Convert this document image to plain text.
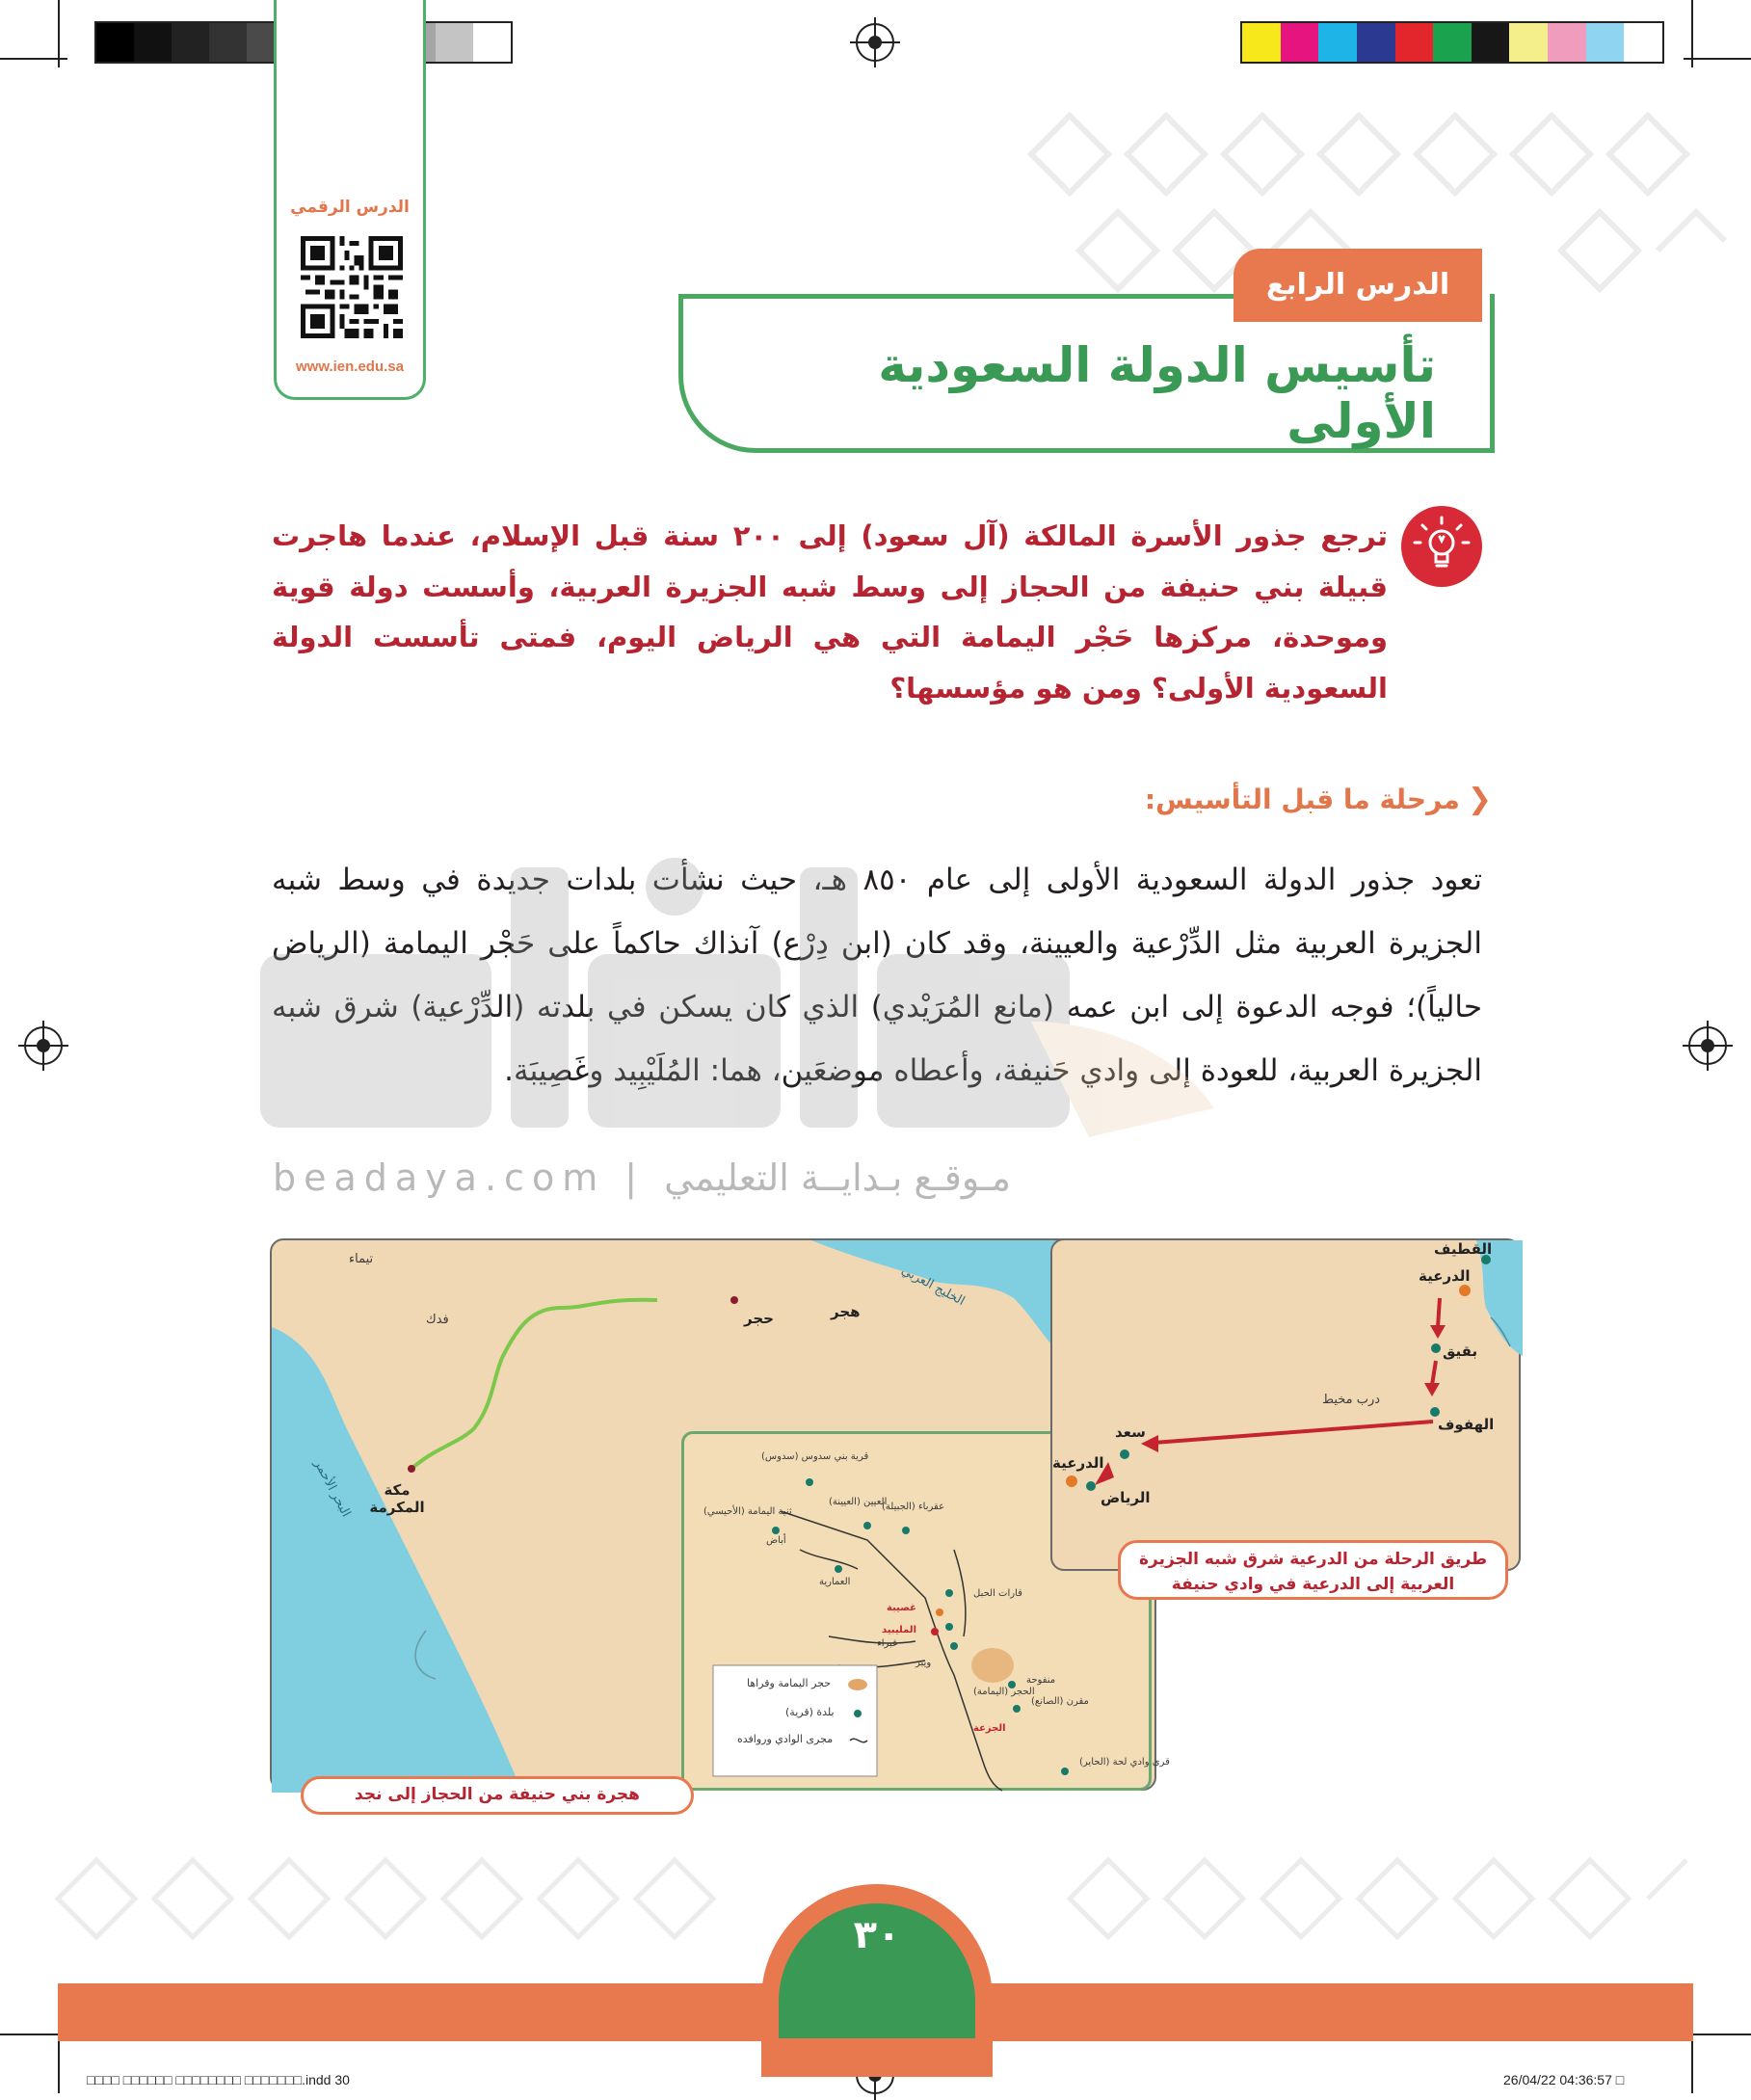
الدرس الرقمي
www.ien.edu.sa
الدرس الرابع
تأسيس الدولة السعودية الأولى

ترجع جذور الأسرة المالكة (آل سعود) إلى ٢٠٠ سنة قبل الإسلام، عندما هاجرت قبيلة بني حنيفة من الحجاز إلى وسط شبه الجزيرة العربية، وأسست دولة قوية وموحدة، مركزها حَجْر اليمامة التي هي الرياض اليوم، فمتى تأسست الدولة السعودية الأولى؟ ومن هو مؤسسها؟

❮مرحلة ما قبل التأسيس:

تعود جذور الدولة السعودية الأولى إلى عام ٨٥٠ هـ، حيث نشأت بلدات جديدة في وسط شبه الجزيرة العربية مثل الدِّرْعية والعيينة، وقد كان (ابن دِرْع) آنذاك حاكماً على حَجْر اليمامة (الرياض حالياً)؛ فوجه الدعوة إلى ابن عمه (مانع المُرَيْدي) الذي كان يسكن في بلدته (الدِّرْعية) شرق شبه الجزيرة العربية، للعودة إلى وادي حَنيفة، وأعطاه موضعَين، هما: المُلَيْبِيد وغَصِيبَة.

beadaya.com | مـوقـع بـدايــة التعليمي
تيماء
فدك	حجر	هجر
الخليج العربي
البحر الأحمر	مكة المكرمة
قرية بني سدوس (سدوس)
ثنية اليمامة (الأحيسي)
العيين (العيينة)
عقرباء (الجبيلة)
أباض
العمارية
قارات الحبل
غصيبة
المليبيد
غبراء
ويبر
منفوحة
الحجر (اليمامة)
مقرن (الصانع)
الجزعة
قرى وادي لحة (الحاير)
حجر اليمامة وقراها
بلدة (قرية)
مجرى الوادي وروافده
القطيف
الدرعية
بقيق
الهفوف
درب مخيط
سعد
الدرعية
الرياض
طريق الرحلة من الدرعية شرق شبه الجزيرة العربية إلى الدرعية في وادي حنيفة
هجرة بني حنيفة من الحجاز إلى نجد
٣٠
□□□□ □□□□□□ □□□□□□□□ □□□□□□□.indd 30	26/04/22 04:36:57 □
